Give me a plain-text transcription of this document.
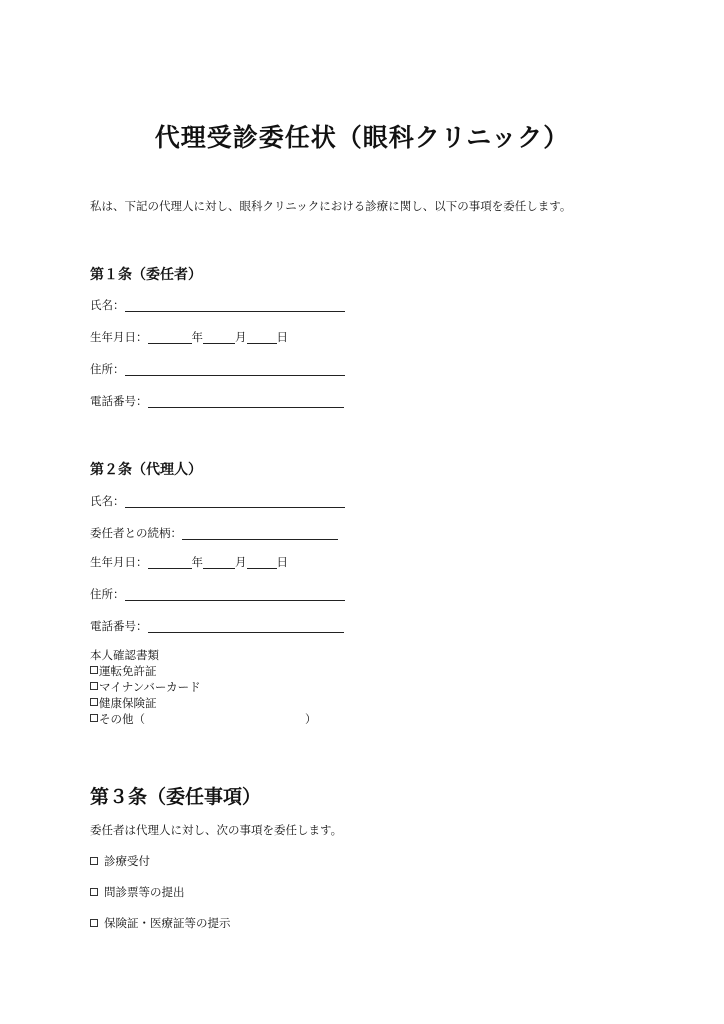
代理受診委任状（眼科クリニック）
私は、下記の代理人に対し、眼科クリニックにおける診療に関し、以下の事項を委任します。
第１条（委任者）
氏名：
生年月日：	年	月	日
住所：
電話番号：
第２条（代理人）
氏名：
委任者との続柄：
生年月日：	年	月	日
住所：
電話番号：
本人確認書類
運転免許証
マイナンバーカード
健康保険証
その他（	）
第３条（委任事項）
委任者は代理人に対し、次の事項を委任します。
診療受付
問診票等の提出
保険証・医療証等の提示
